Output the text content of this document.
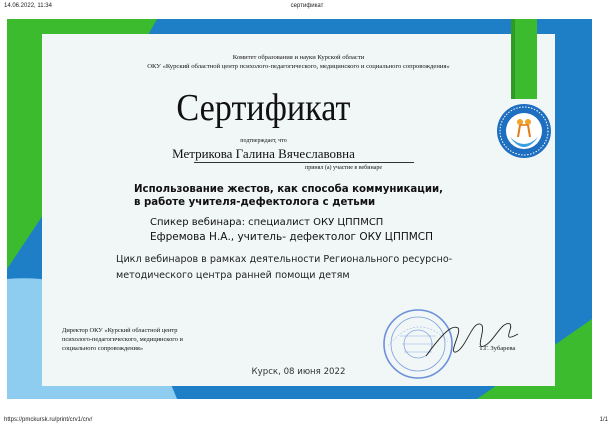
14.06.2022, 11:34	сертификат
https://pmckursk.ru/print/crv1/crv/	1/1
Комитет образования и науки Курской области
ОКУ «Курский областной центр психолого-педагогического, медицинского и социального сопровождения»
Сертификат
подтверждает, что
Метрикова Галина Вячеславовна
принял (а) участие в вебинаре
Использование жестов, как способа коммуникации,
в работе учителя-дефектолога с детьми
Спикер вебинара: специалист ОКУ ЦППМСП
Ефремова Н.А., учитель- дефектолог ОКУ ЦППМСП
Цикл вебинаров в рамках деятельности Регионального ресурсно-
методического центра ранней помощи детям
Директор ОКУ «Курский областной центр
психолого-педагогического, медицинского и
социального сопровождения»	Т.Г. Зубарева
Курск, 08 июня 2022
